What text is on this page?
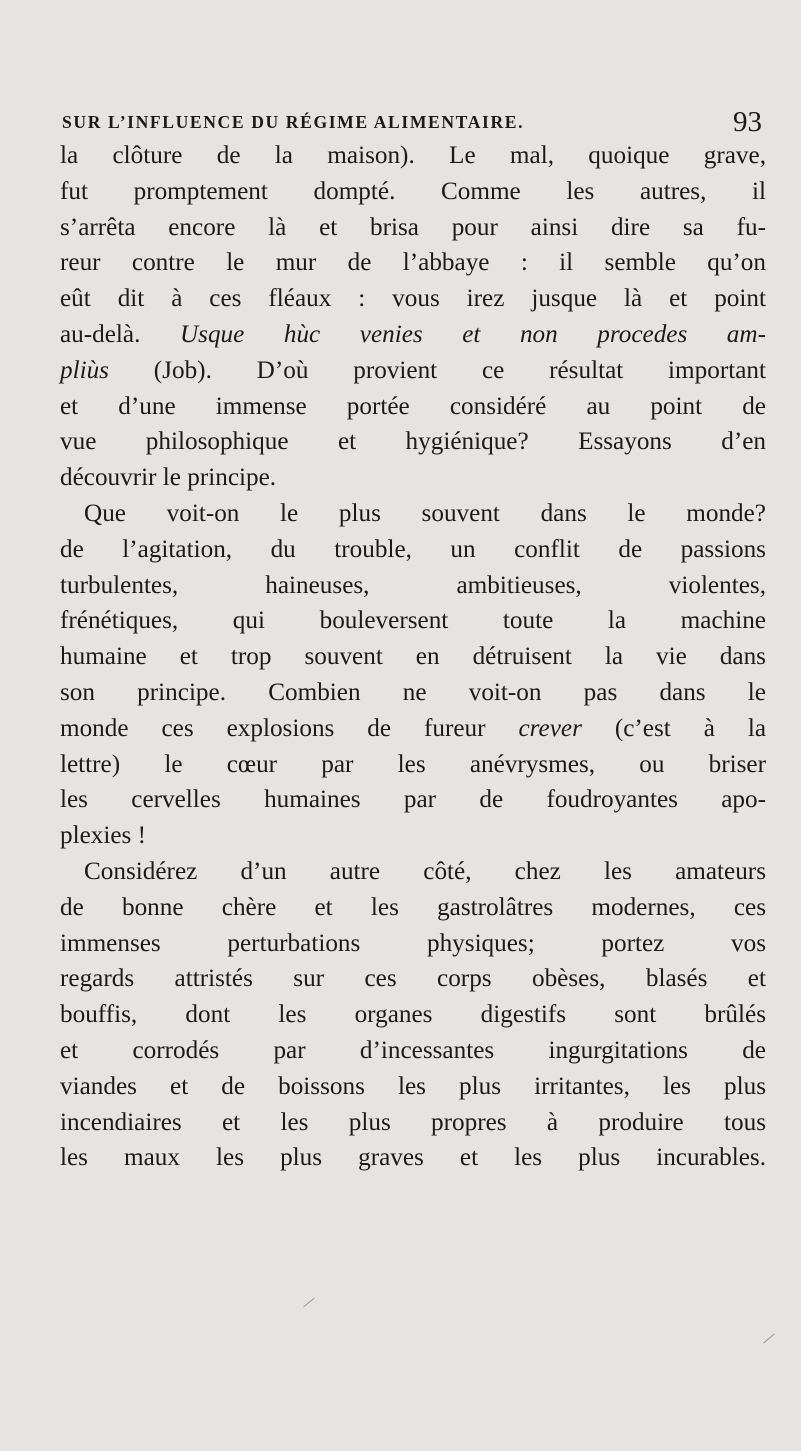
SUR L’INFLUENCE DU RÉGIME ALIMENTAIRE.	93
la clôture de la maison). Le mal, quoique grave,
fut promptement dompté. Comme les autres, il
s’arrêta encore là et brisa pour ainsi dire sa fu-
reur contre le mur de l’abbaye : il semble qu’on
eût dit à ces fléaux : vous irez jusque là et point
au-delà. Usque hùc venies et non procedes am-
pliùs (Job). D’où provient ce résultat important
et d’une immense portée considéré au point de
vue philosophique et hygiénique? Essayons d’en
découvrir le principe.
Que voit-on le plus souvent dans le monde?
de l’agitation, du trouble, un conflit de passions
turbulentes, haineuses, ambitieuses, violentes,
frénétiques, qui bouleversent toute la machine
humaine et trop souvent en détruisent la vie dans
son principe. Combien ne voit-on pas dans le
monde ces explosions de fureur crever (c’est à la
lettre) le cœur par les anévrysmes, ou briser
les cervelles humaines par de foudroyantes apo-
plexies !
Considérez d’un autre côté, chez les amateurs
de bonne chère et les gastrolâtres modernes, ces
immenses perturbations physiques; portez vos
regards attristés sur ces corps obèses, blasés et
bouffis, dont les organes digestifs sont brûlés
et corrodés par d’incessantes ingurgitations de
viandes et de boissons les plus irritantes, les plus
incendiaires et les plus propres à produire tous
les maux les plus graves et les plus incurables.
